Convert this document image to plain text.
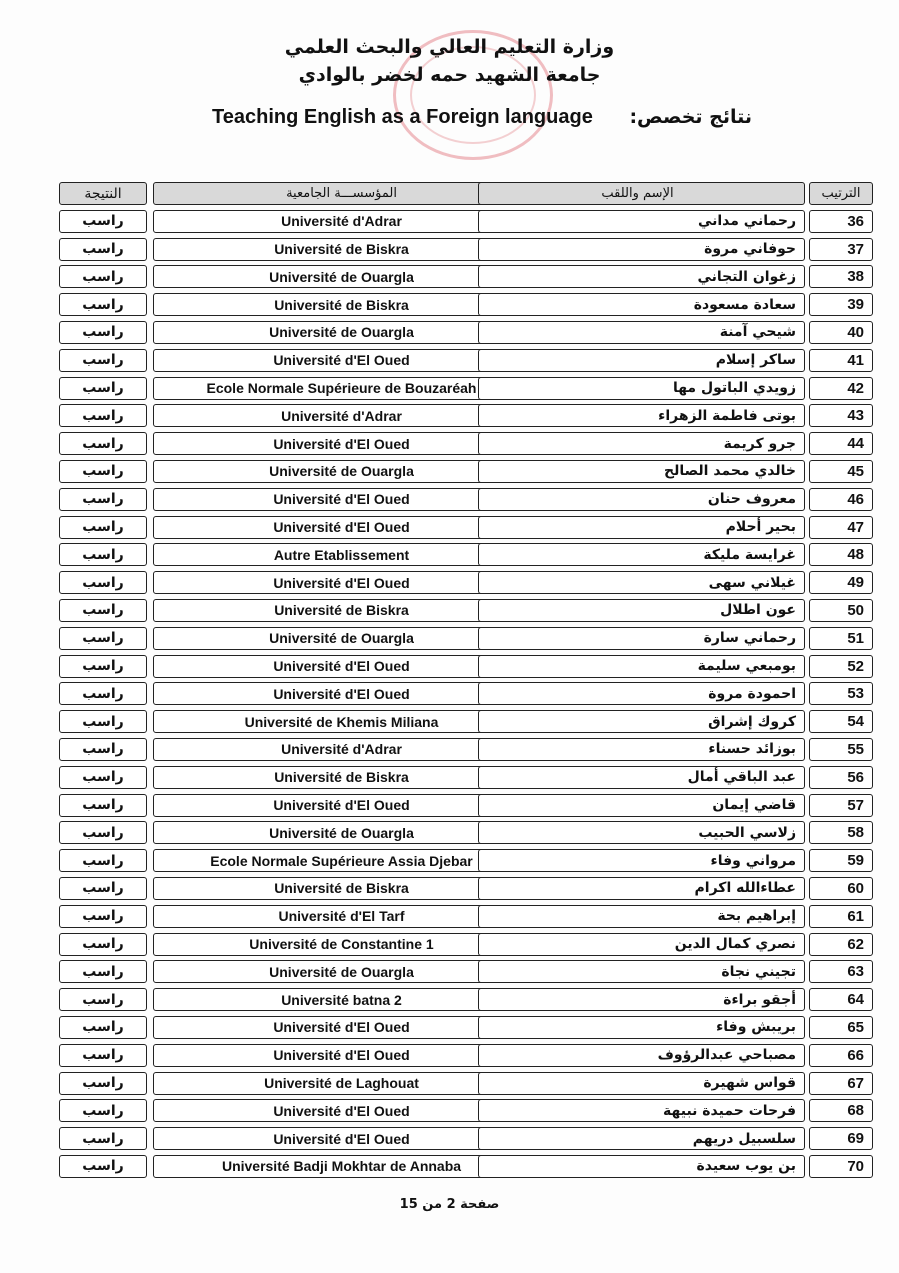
وزارة التعليم العالي والبحث العلمي
جامعة الشهيد حمه لخضر بالوادي
Teaching English as a Foreign language نتائج تخصص:
النتيجة	المؤسســـة الجامعية	الإسم واللقب	الترتيب
راسب	Université d'Adrar	رحماني مداني	36
راسب	Université de Biskra	حوفاني مروة	37
راسب	Université de Ouargla	زغوان التجاني	38
راسب	Université de Biskra	سعادة مسعودة	39
راسب	Université de Ouargla	شيحي آمنة	40
راسب	Université d'El Oued	ساكر إسلام	41
راسب	Ecole Normale Supérieure de Bouzaréah	زويدي الباتول مها	42
راسب	Université d'Adrar	بوتى فاطمة الزهراء	43
راسب	Université d'El Oued	جرو كريمة	44
راسب	Université de Ouargla	خالدي محمد الصالح	45
راسب	Université d'El Oued	معروف حنان	46
راسب	Université d'El Oued	بحير أحلام	47
راسب	Autre Etablissement	غرايسة مليكة	48
راسب	Université d'El Oued	غيلاني سهى	49
راسب	Université de Biskra	عون اطلال	50
راسب	Université de Ouargla	رحماني سارة	51
راسب	Université d'El Oued	بومبعي سليمة	52
راسب	Université d'El Oued	احمودة مروة	53
راسب	Université de Khemis Miliana	كروك إشراق	54
راسب	Université d'Adrar	بوزائد حسناء	55
راسب	Université de Biskra	عبد الباقي أمال	56
راسب	Université d'El Oued	قاضي إيمان	57
راسب	Université de Ouargla	زلاسي الحبيب	58
راسب	Ecole Normale Supérieure Assia Djebar	مرواني وفاء	59
راسب	Université de Biskra	عطاءالله اكرام	60
راسب	Université d'El Tarf	إبراهيم بحة	61
راسب	Université de Constantine 1	نصري كمال الدين	62
راسب	Université de Ouargla	تجيني نجاة	63
راسب	Université batna 2	أجقو براءة	64
راسب	Université d'El Oued	بريبش وفاء	65
راسب	Université d'El Oued	مصباحي عبدالرؤوف	66
راسب	Université de Laghouat	قواس شهيرة	67
راسب	Université d'El Oued	فرحات حميدة نبيهة	68
راسب	Université d'El Oued	سلسبيل دريهم	69
راسب	Université Badji Mokhtar de Annaba	بن يوب سعيدة	70
صفحة 2 من 15
